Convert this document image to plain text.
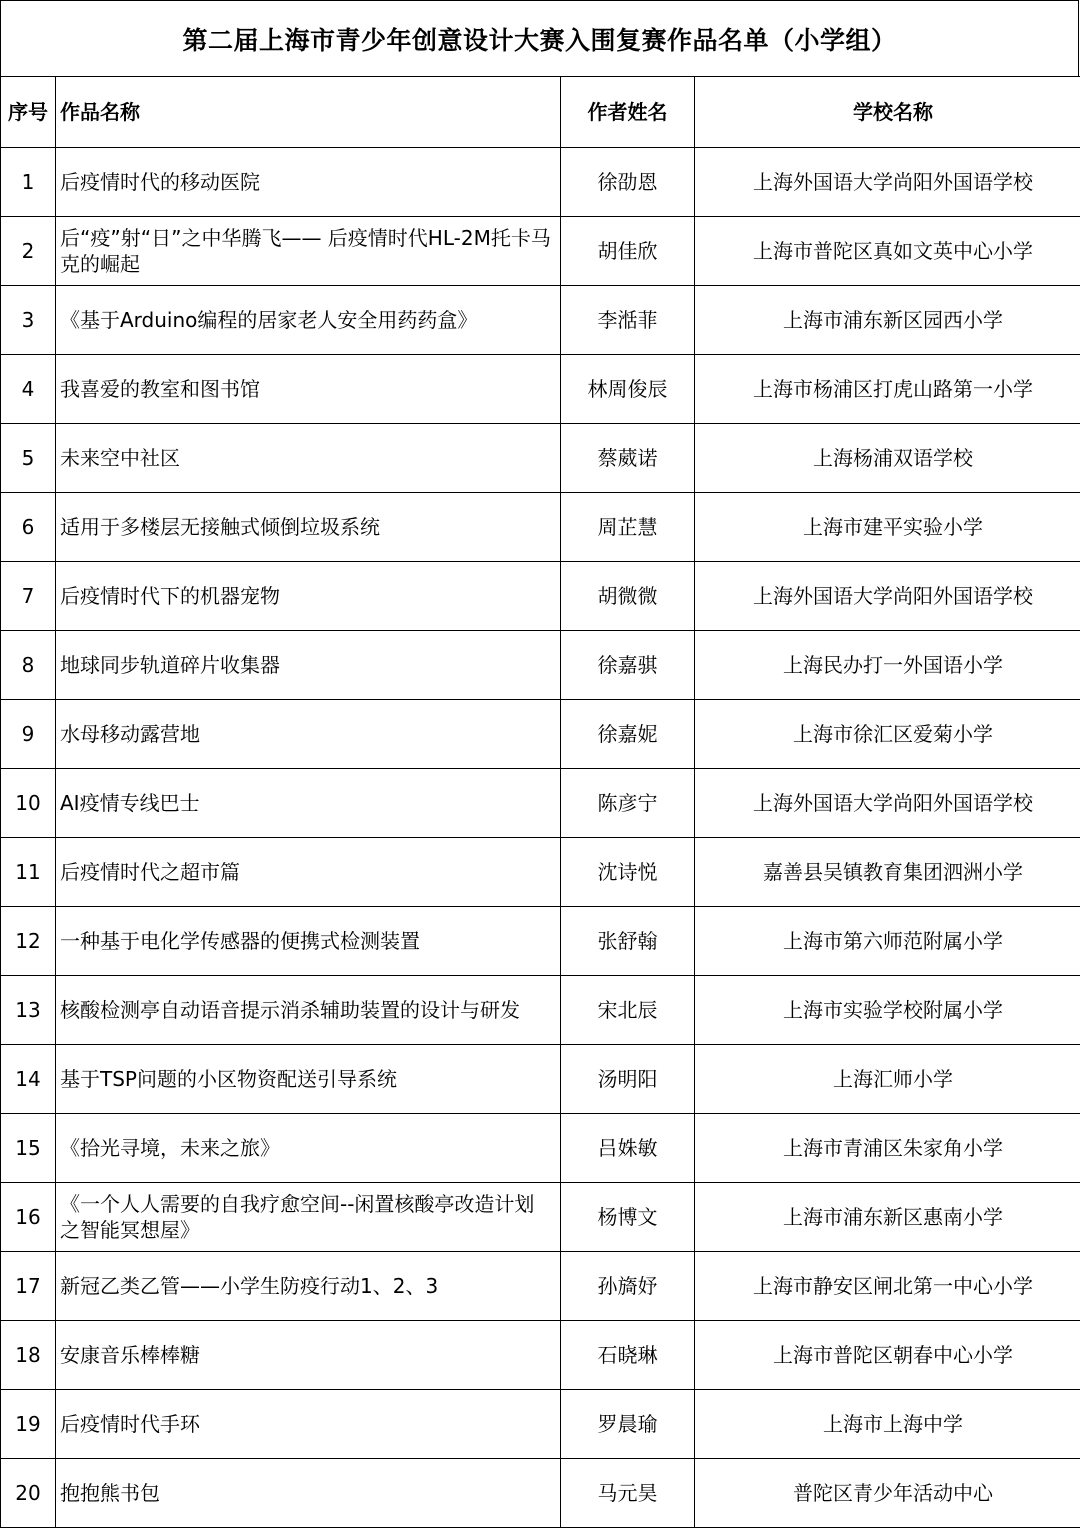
第二届上海市青少年创意设计大赛入围复赛作品名单（小学组）
序号	作品名称	作者姓名	学校名称
1	后疫情时代的移动医院	徐劭恩	上海外国语大学尚阳外国语学校
2	后“疫”射“日”之中华腾飞—— 后疫情时代HL-2M托卡马克的崛起	胡佳欣	上海市普陀区真如文英中心小学
3	《基于Arduino编程的居家老人安全用药药盒》	李湉菲	上海市浦东新区园西小学
4	我喜爱的教室和图书馆	林周俊辰	上海市杨浦区打虎山路第一小学
5	未来空中社区	蔡葳诺	上海杨浦双语学校
6	适用于多楼层无接触式倾倒垃圾系统	周芷慧	上海市建平实验小学
7	后疫情时代下的机器宠物	胡微微	上海外国语大学尚阳外国语学校
8	地球同步轨道碎片收集器	徐嘉骐	上海民办打一外国语小学
9	水母移动露营地	徐嘉妮	上海市徐汇区爱菊小学
10	AI疫情专线巴士	陈彦宁	上海外国语大学尚阳外国语学校
11	后疫情时代之超市篇	沈诗悦	嘉善县吴镇教育集团泗洲小学
12	一种基于电化学传感器的便携式检测装置	张舒翰	上海市第六师范附属小学
13	核酸检测亭自动语音提示消杀辅助装置的设计与研发	宋北辰	上海市实验学校附属小学
14	基于TSP问题的小区物资配送引导系统	汤明阳	上海汇师小学
15	《拾光寻境，未来之旅》	吕姝敏	上海市青浦区朱家角小学
16	《一个人人需要的自我疗愈空间--闲置核酸亭改造计划之智能冥想屋》	杨博文	上海市浦东新区惠南小学
17	新冠乙类乙管——小学生防疫行动1、2、3	孙旖妤	上海市静安区闸北第一中心小学
18	安康音乐棒棒糖	石晓琳	上海市普陀区朝春中心小学
19	后疫情时代手环	罗晨瑜	上海市上海中学
20	抱抱熊书包	马元昊	普陀区青少年活动中心
